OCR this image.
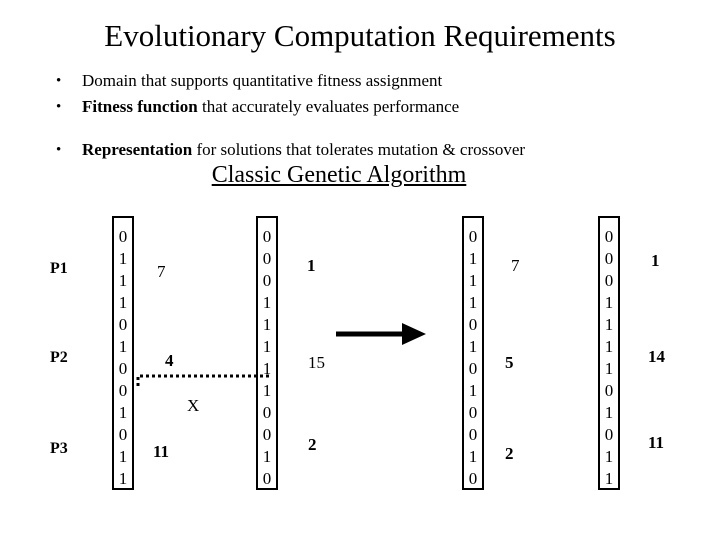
Evolutionary Computation Requirements
• Domain that supports quantitative fitness assignment
• Fitness function that accurately evaluates performance
• Representation for solutions that tolerates mutation & crossover
Classic Genetic Algorithm
P1
P2
P3
0
1
1
1
0
1
0
0
1
0
1
1
7
4
11
X
0
0
0
1
1
1
1
1
0
0
1
0
1
15
2
0
1
1
1
0
1
0
1
0
0
1
0
7
5
2
0
0
0
1
1
1
1
0
1
0
1
1
1
14
11
